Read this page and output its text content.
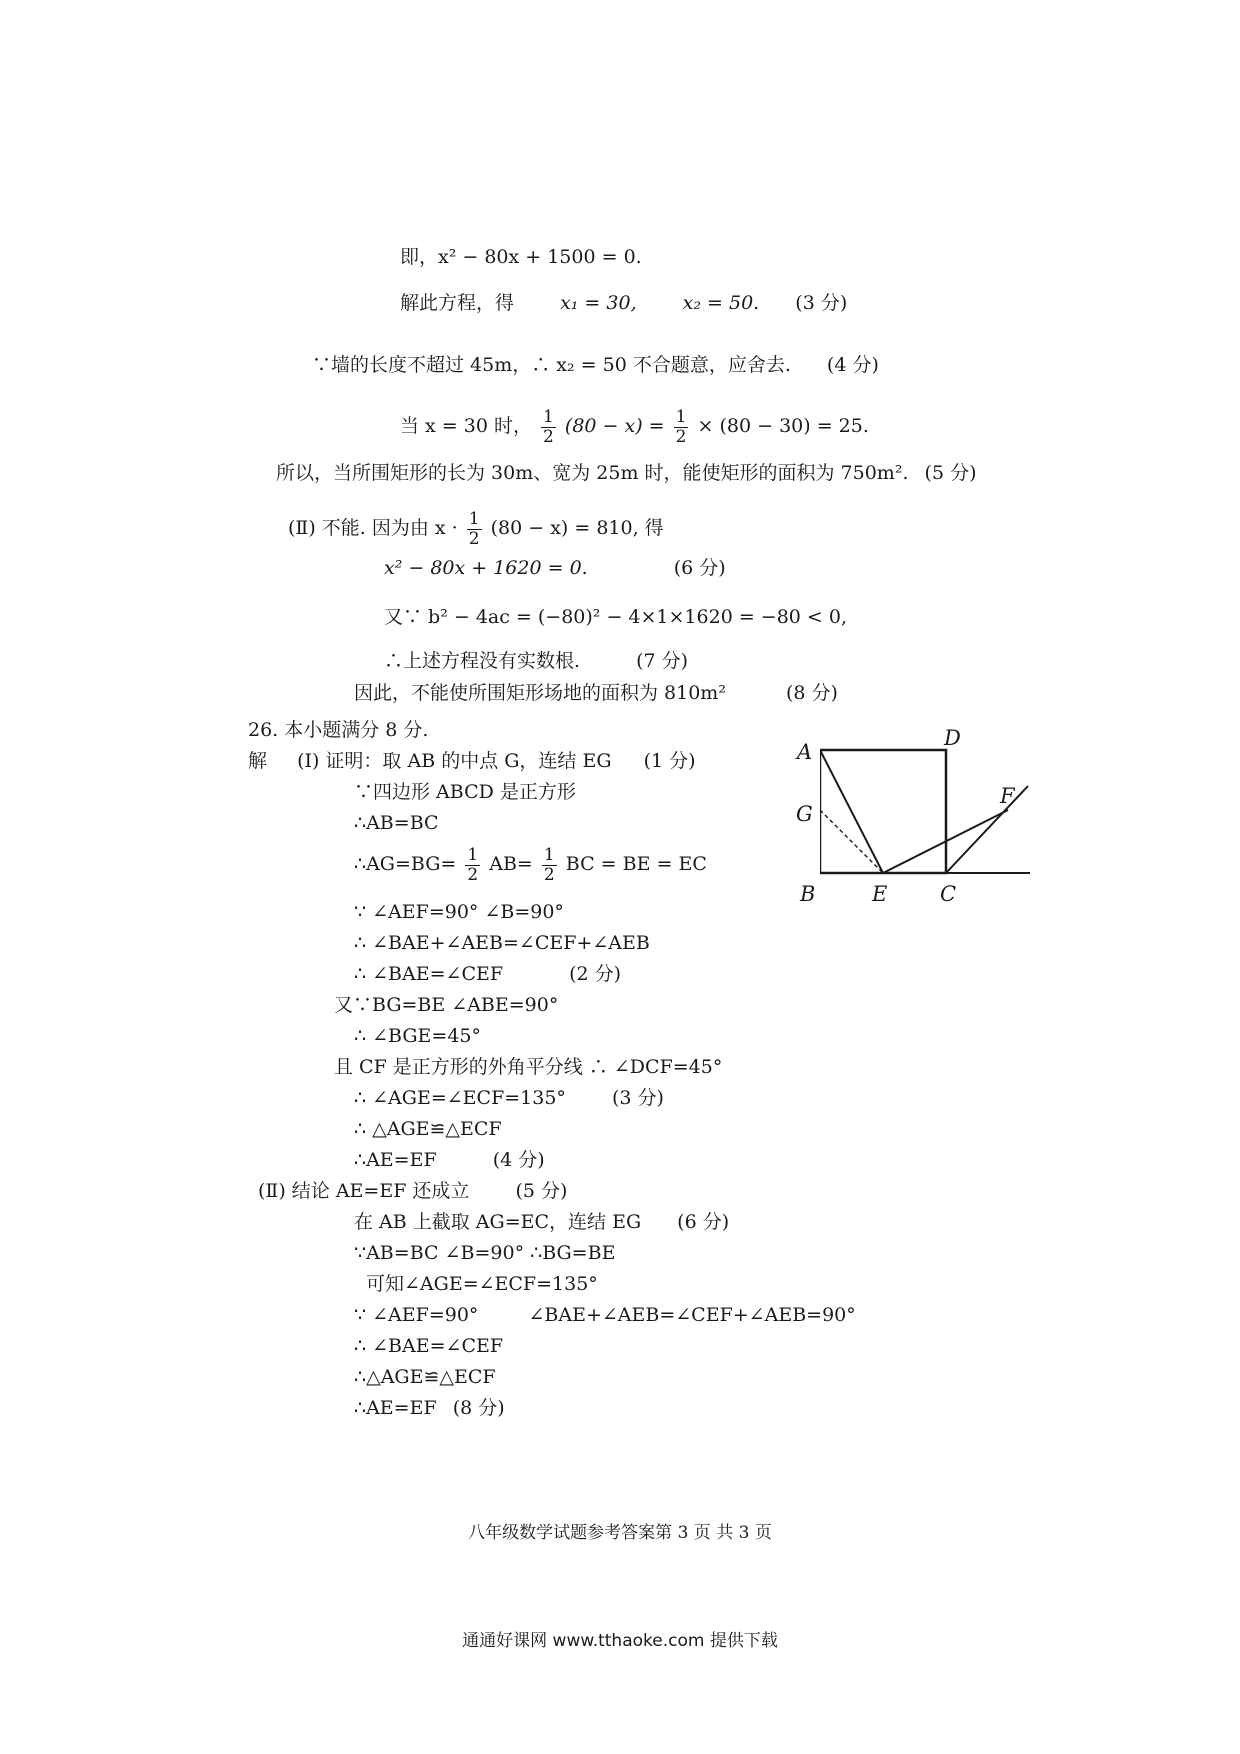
即，x² − 80x + 1500 = 0.
解此方程，得 x₁ = 30, x₂ = 50. (3 分)
∵墙的长度不超过 45m，∴ x₂ = 50 不合题意，应舍去. (4 分)
当 x = 30 时， $\frac{1}{2} (80 - x) = \frac{1}{2} \times (80 - 30) = 25$.
所以，当所围矩形的长为 30m、宽为 25m 时，能使矩形的面积为 750m². (5 分)
(Ⅱ) 不能. 因为由 $x \cdot \frac{1}{2} (80 - x) = 810$, 得
x² − 80x + 1620 = 0.	(6 分)
又∵ b² − 4ac = (−80)² − 4×1×1620 = −80 < 0,
∴上述方程没有实数根.	(7 分)
因此，不能使所围矩形场地的面积为 810m²	(8 分)
26. 本小题满分 8 分.
解 (Ⅰ) 证明：取 AB 的中点 G，连结 EG (1 分)
∵四边形 ABCD 是正方形
∴AB=BC
∴AG=BG= $\frac{1}{2} AB= \frac{1}{2}$ BC = BE = EC
∵ ∠AEF=90° ∠B=90°
∴ ∠BAE+∠AEB=∠CEF+∠AEB
∴ ∠BAE=∠CEF	(2 分)
又∵BG=BE ∠ABE=90°
∴ ∠BGE=45°
且 CF 是正方形的外角平分线 ∴ ∠DCF=45°
∴ ∠AGE=∠ECF=135° (3 分)
∴ △AGE≌△ECF
∴AE=EF	(4 分)
(Ⅱ) 结论 AE=EF 还成立 (5 分)
在 AB 上截取 AG=EC，连结 EG (6 分)
∵AB=BC ∠B=90° ∴BG=BE
可知∠AGE=∠ECF=135°
∵ ∠AEF=90°	∠BAE+∠AEB=∠CEF+∠AEB=90°
∴ ∠BAE=∠CEF
∴△AGE≌△ECF
∴AE=EF (8 分)
A
D
G
F
B	E	C
八年级数学试题参考答案第 3 页 共 3 页
通通好课网 www.tthaoke.com 提供下载
